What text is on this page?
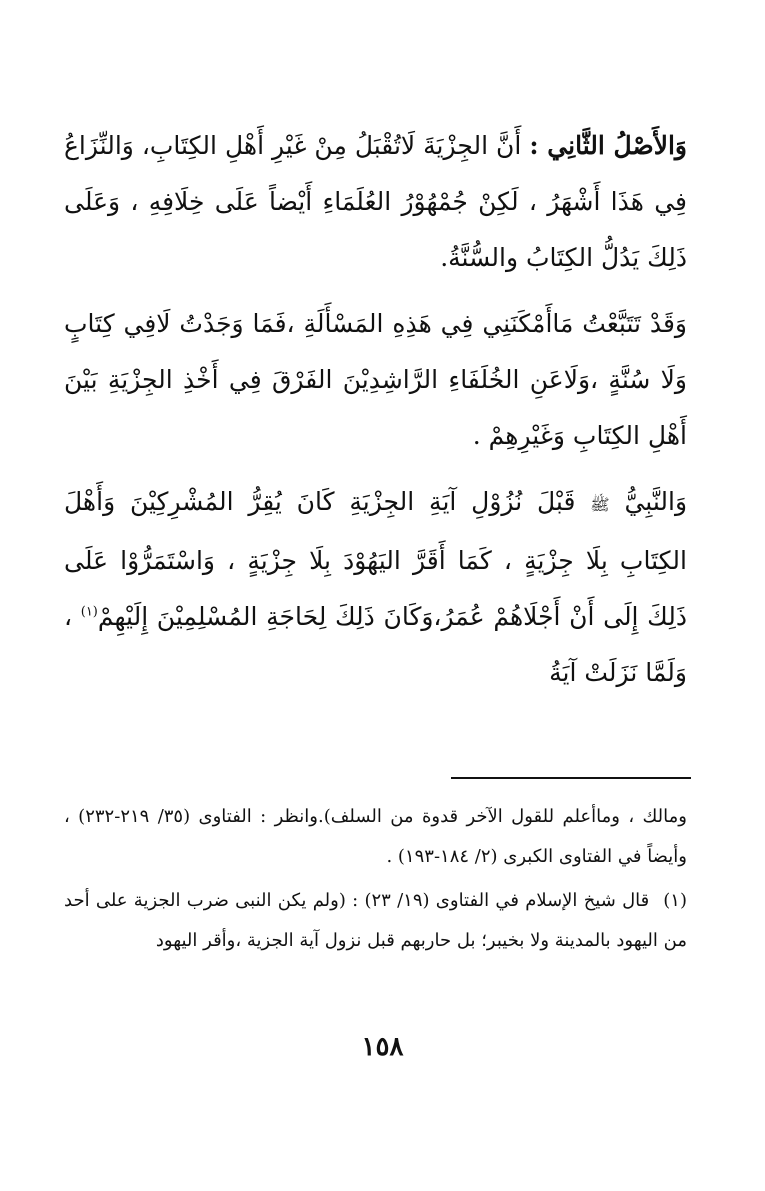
وَالأَصْلُ الثَّانِي : أَنَّ الجِزْيَةَ لَاتُقْبَلُ مِنْ غَيْرِ أَهْلِ الكِتَابِ، وَالنِّزَاعُ فِي هَذَا أَشْهَرُ ، لَكِنْ جُمْهُوْرُ العُلَمَاءِ أَيْضاً عَلَى خِلَافِهِ ، وَعَلَى ذَلِكَ يَدُلُّ الكِتَابُ والسُّنَّةُ.

وَقَدْ تَتَبَّعْتُ مَاأَمْكَنَنِي فِي هَذِهِ المَسْأَلَةِ ،فَمَا وَجَدْتُ لَافِي كِتَابٍ وَلَا سُنَّةٍ ،وَلَاعَنِ الخُلَفَاءِ الرَّاشِدِيْنَ الفَرْقَ فِي أَخْذِ الجِزْيَةِ بَيْنَ أَهْلِ الكِتَابِ وَغَيْرِهِمْ .

وَالنَّبِيُّ ﷺ قَبْلَ نُزُوْلِ آيَةِ الجِزْيَةِ كَانَ يُقِرُّ المُشْرِكِيْنَ وَأَهْلَ الكِتَابِ بِلَا جِزْيَةٍ ، كَمَا أَقَرَّ اليَهُوْدَ بِلَا جِزْيَةٍ ، وَاسْتَمَرُّوْا عَلَى ذَلِكَ إِلَى أَنْ أَجْلَاهُمْ عُمَرُ،وَكَانَ ذَلِكَ لِحَاجَةِ المُسْلِمِيْنَ إِلَيْهِمْ$^{(١)}$ ، وَلَمَّا نَزَلَتْ آيَةُ

ومالك ، وماأعلم للقول الآخر قدوة من السلف).وانظر : الفتاوى (٣٥/ ٢١٩-٢٣٢) ، وأيضاً في الفتاوى الكبرى (٢/ ١٨٤-١٩٣) .

(١)قال شيخ الإسلام في الفتاوى (١٩/ ٢٣) : (ولم يكن النبى ضرب الجزية على أحد من اليهود بالمدينة ولا بخيبر؛ بل حاربهم قبل نزول آية الجزية ،وأقر اليهود

١٥٨
